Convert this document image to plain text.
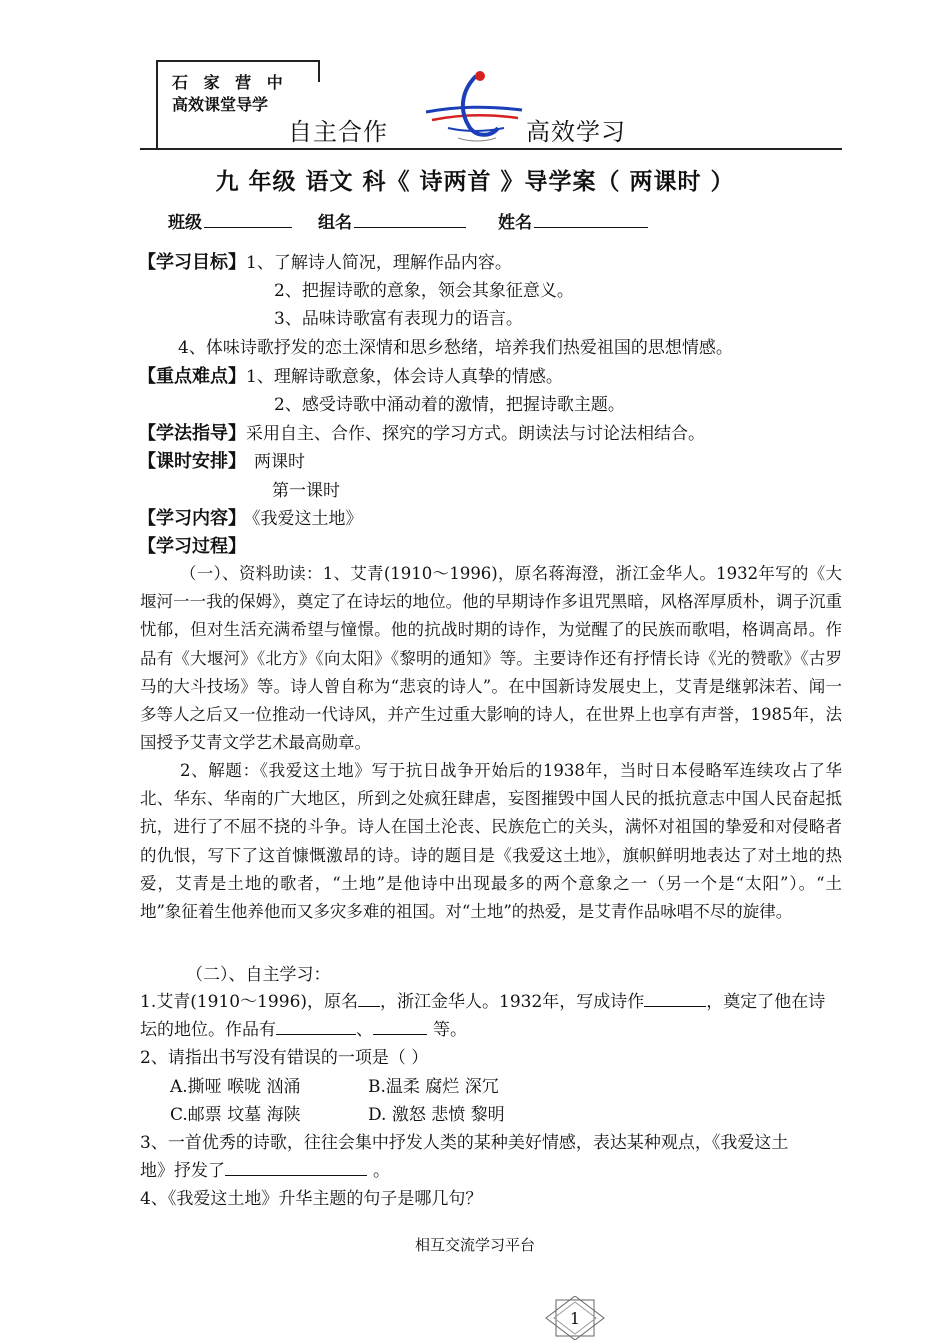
石 家 营 中
高效课堂导学
自主合作	高效学习
九 年级 语文 科《 诗两首 》导学案（ 两课时 ）
班级	组名	姓名
【学习目标】1、了解诗人简况，理解作品内容。
2、把握诗歌的意象，领会其象征意义。
3、品味诗歌富有表现力的语言。
4、体味诗歌抒发的恋土深情和思乡愁绪，培养我们热爱祖国的思想情感。
【重点难点】1、理解诗歌意象，体会诗人真挚的情感。
2、感受诗歌中涌动着的激情，把握诗歌主题。
【学法指导】采用自主、合作、探究的学习方式。朗读法与讨论法相结合。
【课时安排】 两课时
第一课时
【学习内容】 《我爱这土地》
【学习过程】
（一）、资料助读：1、艾青(1910～1996)，原名蒋海澄，浙江金华人。1932年写的《大堰河一一我的保姆》，奠定了在诗坛的地位。他的早期诗作多诅咒黑暗，风格浑厚质朴，调子沉重忧郁，但对生活充满希望与憧憬。他的抗战时期的诗作，为觉醒了的民族而歌唱，格调高昂。作品有《大堰河》《北方》《向太阳》《黎明的通知》等。主要诗作还有抒情长诗《光的赞歌》《古罗马的大斗技场》等。诗人曾自称为“悲哀的诗人”。在中国新诗发展史上，艾青是继郭沫若、闻一多等人之后又一位推动一代诗风，并产生过重大影响的诗人，在世界上也享有声誉，1985年，法国授予艾青文学艺术最高勋章。
2、解题：《我爱这土地》写于抗日战争开始后的1938年，当时日本侵略军连续攻占了华北、华东、华南的广大地区，所到之处疯狂肆虐，妄图摧毁中国人民的抵抗意志中国人民奋起抵抗，进行了不屈不挠的斗争。诗人在国土沦丧、民族危亡的关头，满怀对祖国的挚爱和对侵略者的仇恨，写下了这首慷慨激昂的诗。诗的题目是《我爱这土地》，旗帜鲜明地表达了对土地的热爱，艾青是土地的歌者，“土地”是他诗中出现最多的两个意象之一（另一个是“太阳”）。“土地”象征着生他养他而又多灾多难的祖国。对“土地”的热爱，是艾青作品咏唱不尽的旋律。
（二）、自主学习：
1.艾青(1910～1996)，原名 ，浙江金华人。1932年，写成诗作	，奠定了他在诗
坛的地位。作品有	、	等。
2、请指出书写没有错误的一项是（ ）
A.撕哑 喉咙 汹涌	B.温柔 腐烂 深冗
C.邮票 坟墓 海陕	D. 激怒 悲愤 黎明
3、一首优秀的诗歌，往往会集中抒发人类的某种美好情感，表达某种观点，《我爱这土
地》抒发了	。
4、《我爱这土地》升华主题的句子是哪几句？
相互交流学习平台
1
